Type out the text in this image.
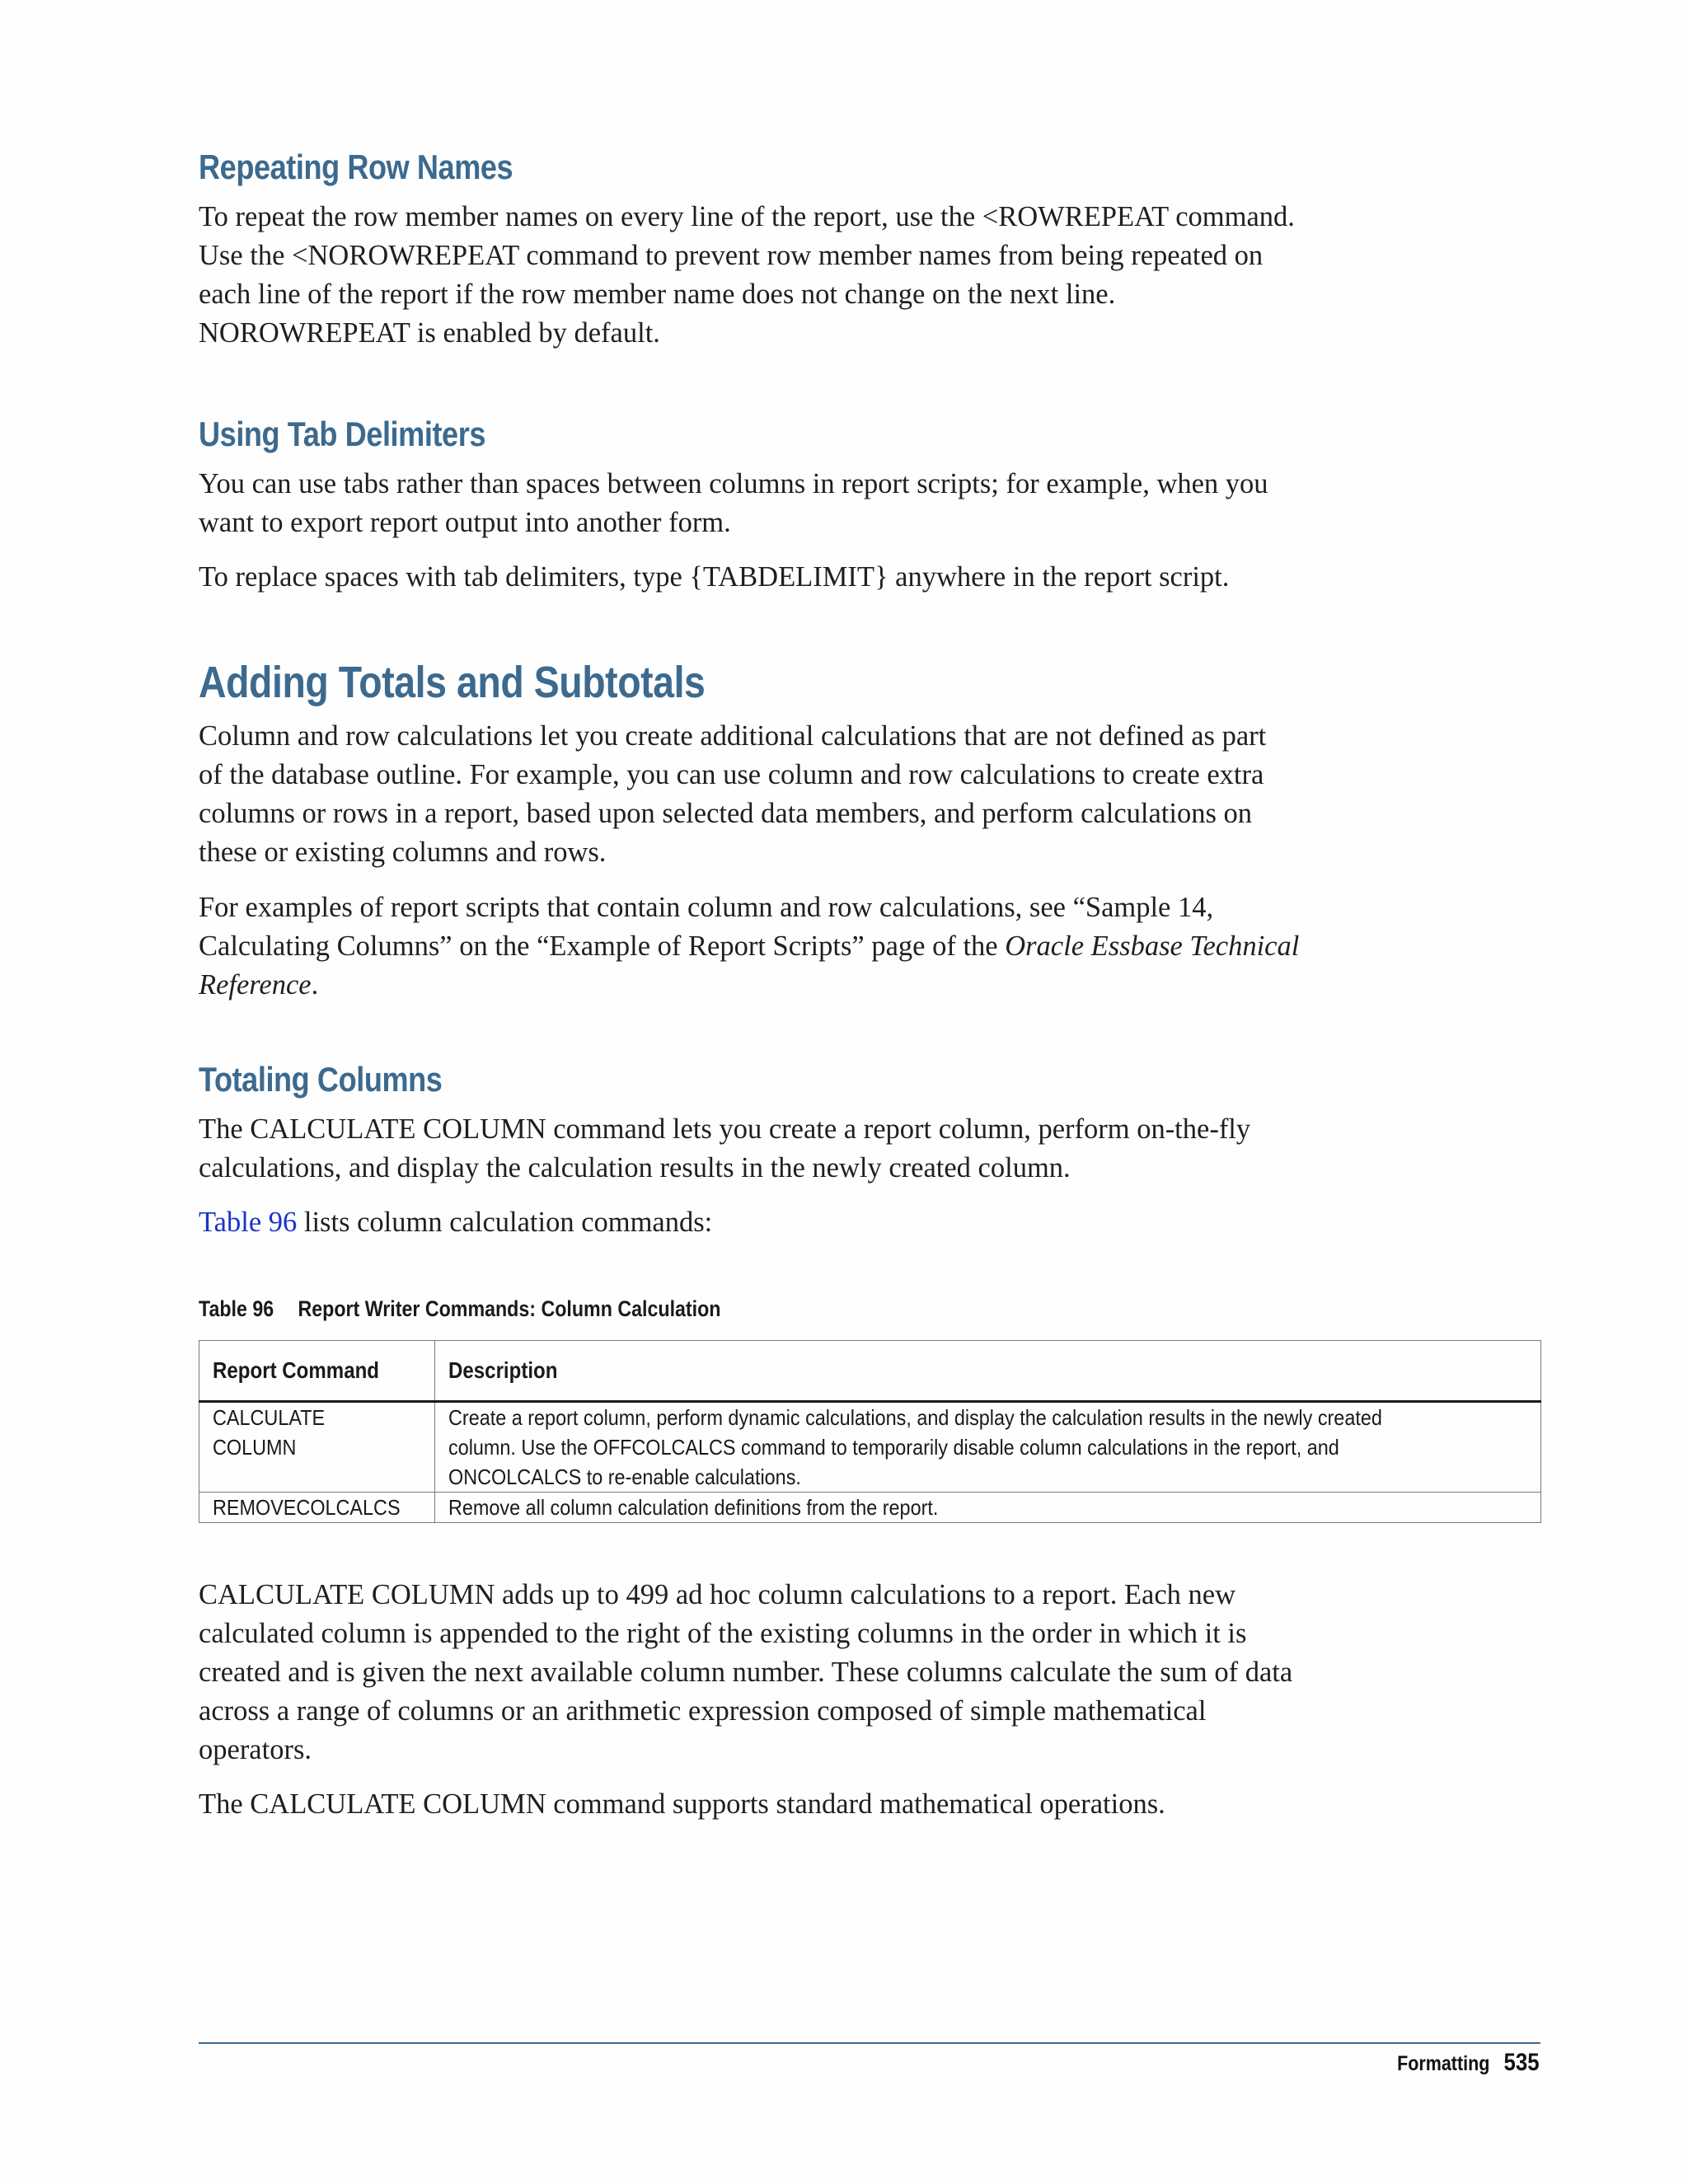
Repeating Row Names

To repeat the row member names on every line of the report, use the <ROWREPEAT command.
Use the <NOROWREPEAT command to prevent row member names from being repeated on
each line of the report if the row member name does not change on the next line.
NOROWREPEAT is enabled by default.

Using Tab Delimiters

You can use tabs rather than spaces between columns in report scripts; for example, when you
want to export report output into another form.

To replace spaces with tab delimiters, type {TABDELIMIT} anywhere in the report script.

Adding Totals and Subtotals

Column and row calculations let you create additional calculations that are not defined as part
of the database outline. For example, you can use column and row calculations to create extra
columns or rows in a report, based upon selected data members, and perform calculations on
these or existing columns and rows.

For examples of report scripts that contain column and row calculations, see “Sample 14,
Calculating Columns” on the “Example of Report Scripts” page of the Oracle Essbase Technical
Reference.

Totaling Columns

The CALCULATE COLUMN command lets you create a report column, perform on-the-fly
calculations, and display the calculation results in the newly created column.

Table 96 lists column calculation commands:

Table 96 Report Writer Commands: Column Calculation
Report Command	Description

CALCULATE COLUMN	Create a report column, perform dynamic calculations, and display the calculation results in the newly created
column. Use the OFFCOLCALCS command to temporarily disable column calculations in the report, and
ONCOLCALCS to re-enable calculations.

REMOVECOLCALCS	Remove all column calculation definitions from the report.

CALCULATE COLUMN adds up to 499 ad hoc column calculations to a report. Each new
calculated column is appended to the right of the existing columns in the order in which it is
created and is given the next available column number. These columns calculate the sum of data
across a range of columns or an arithmetic expression composed of simple mathematical
operators.

The CALCULATE COLUMN command supports standard mathematical operations.

Formatting 535
